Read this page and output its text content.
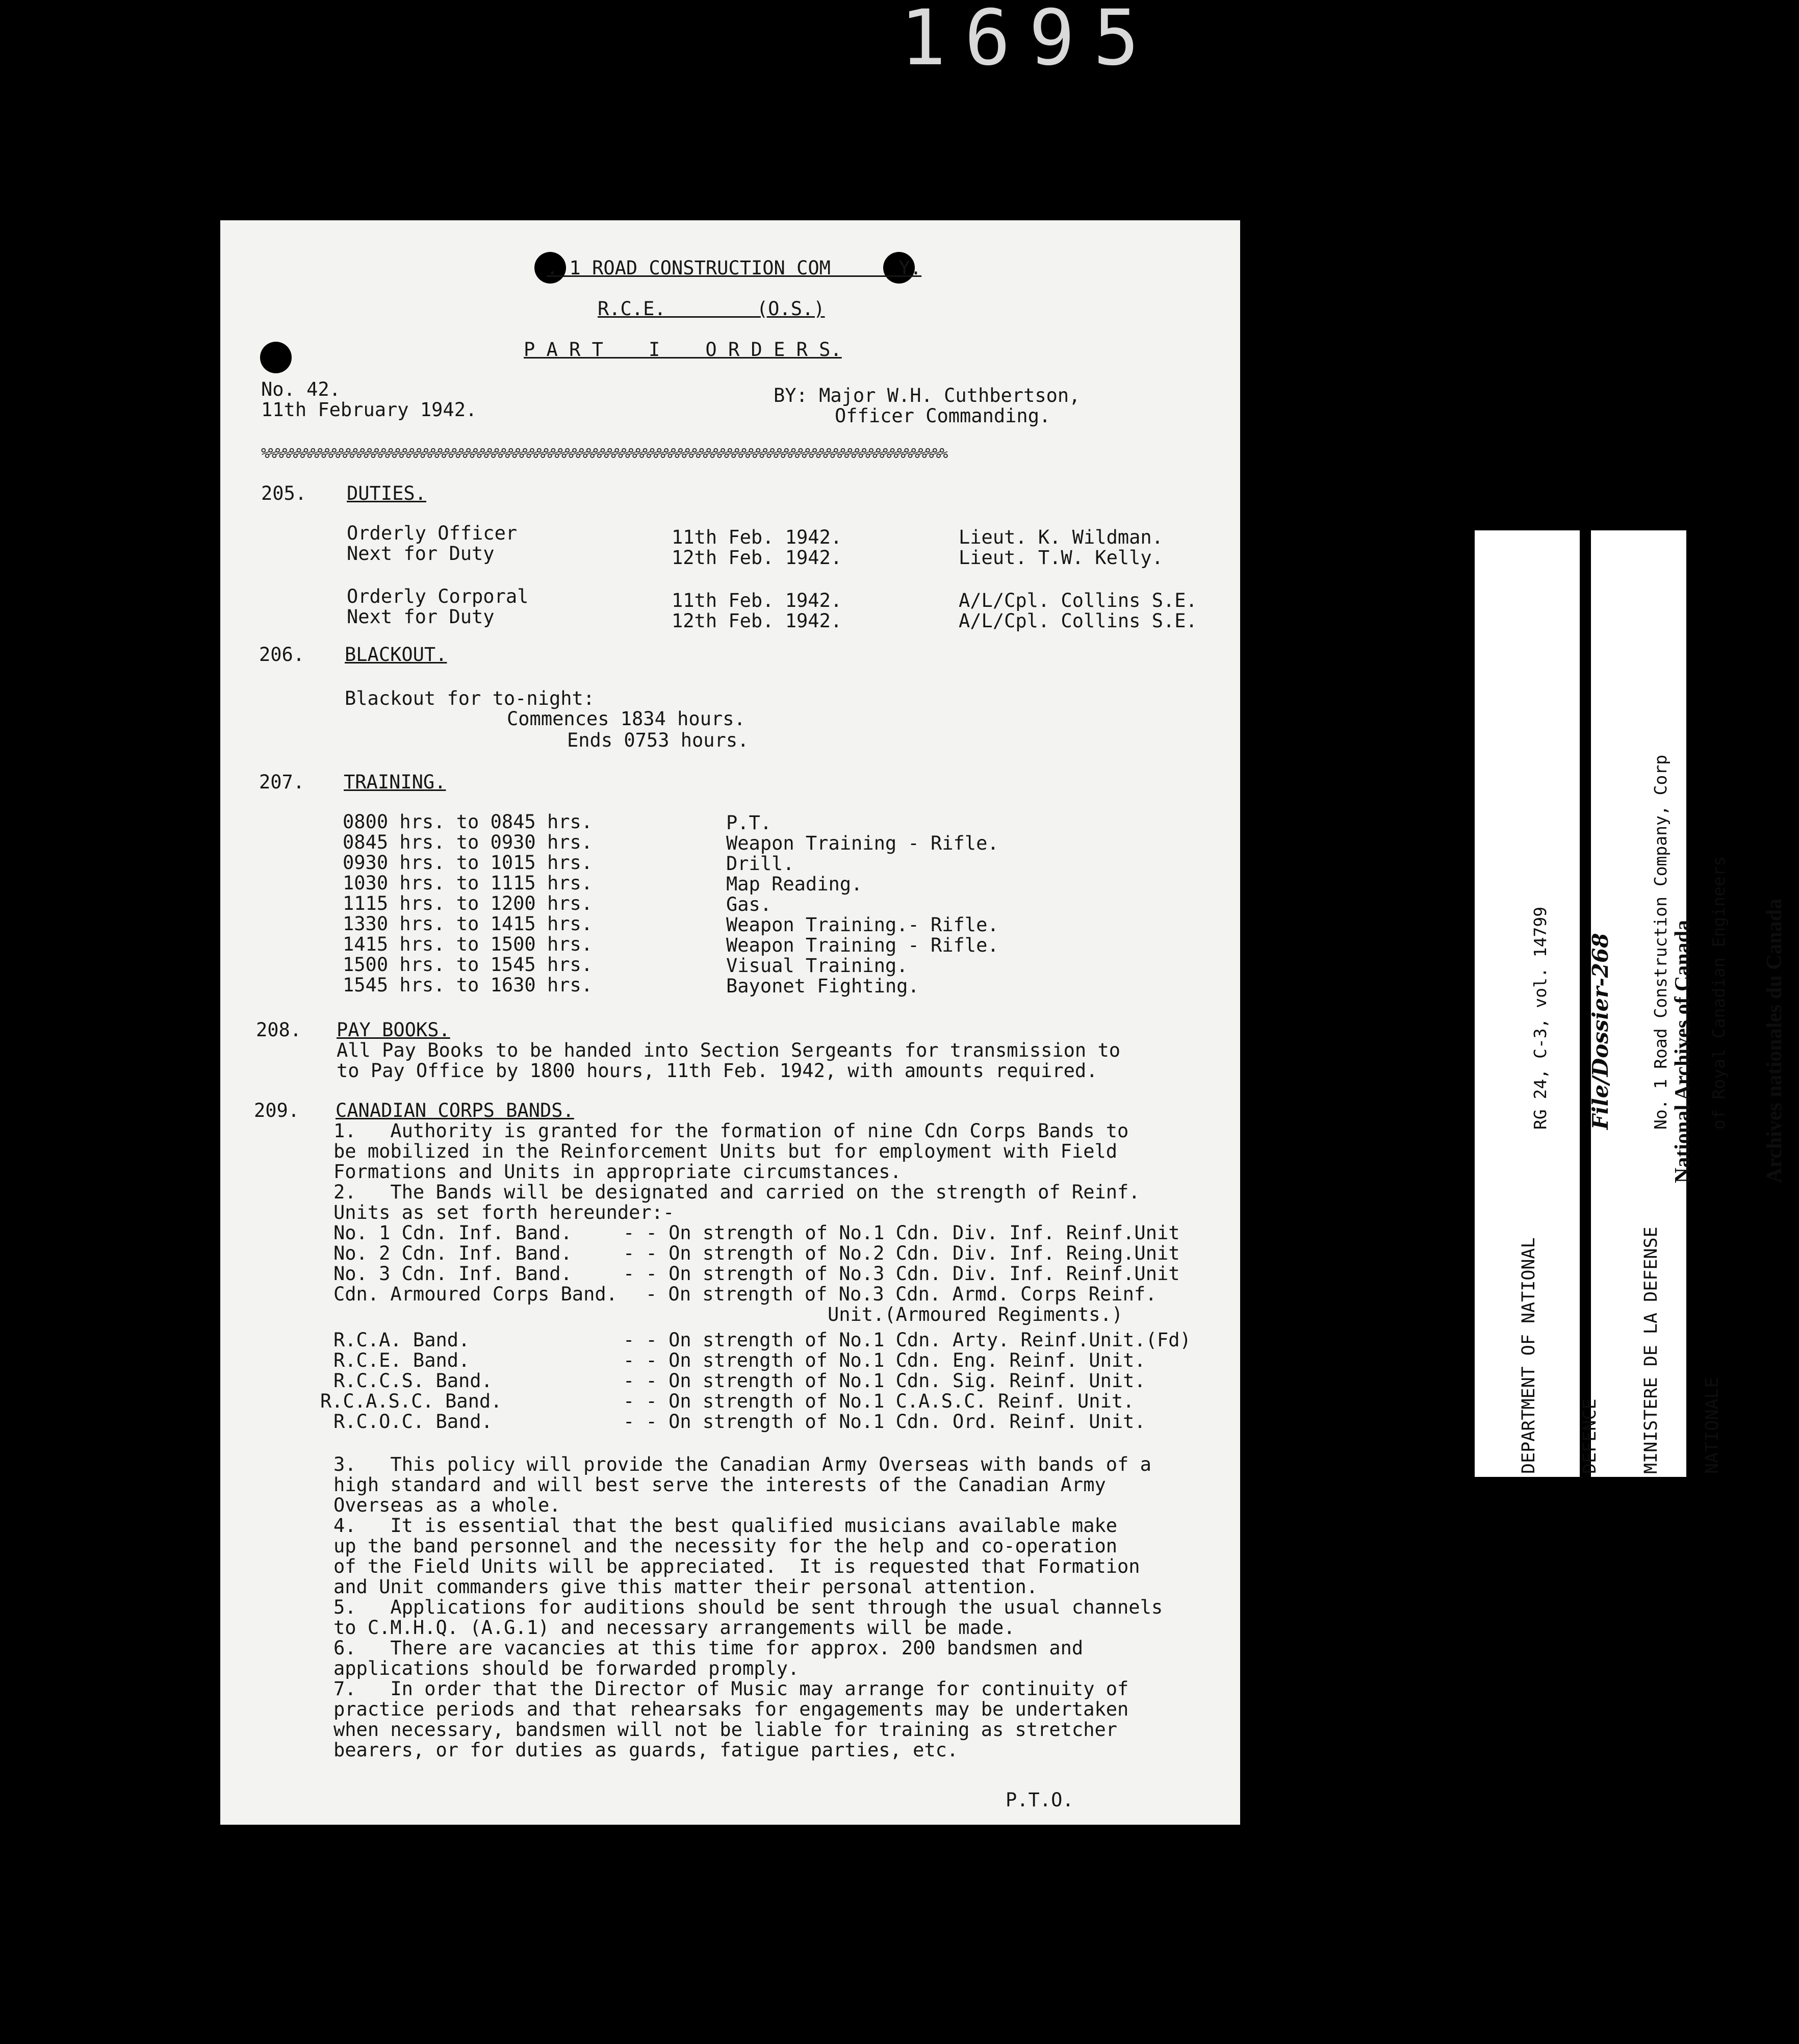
1695
. 1 ROAD CONSTRUCTION COM      Y.
R.C.E.        (O.S.)
P A R T    I    O R D E R S.
No. 42.
11th February 1942.
BY: Major W.H. Cuthbertson,
Officer Commanding.
%%%%%%%%%%%%%%%%%%%%%%%%%%%%%%%%%%%%%%%%%%%%%%%%%%%%%%%%%%%%%%%%%%%%%%%%%%%%%%%%%%%%%%%%%%%%%%%%%
205. DUTIES.
Orderly Officer	11th Feb. 1942.	Lieut. K. Wildman.
Next for Duty	12th Feb. 1942.	Lieut. T.W. Kelly.
Orderly Corporal	11th Feb. 1942.	A/L/Cpl. Collins S.E.
Next for Duty	12th Feb. 1942.	A/L/Cpl. Collins S.E.
206. BLACKOUT.
Blackout for to-night:
Commences 1834 hours.
Ends 0753 hours.
207. TRAINING.
0800 hrs. to 0845 hrs.	P.T.
0845 hrs. to 0930 hrs.	Weapon Training - Rifle.
0930 hrs. to 1015 hrs.	Drill.
1030 hrs. to 1115 hrs.	Map Reading.
1115 hrs. to 1200 hrs.	Gas.
1330 hrs. to 1415 hrs.	Weapon Training.- Rifle.
1415 hrs. to 1500 hrs.	Weapon Training - Rifle.
1500 hrs. to 1545 hrs.	Visual Training.
1545 hrs. to 1630 hrs.	Bayonet Fighting.
208. PAY BOOKS.
All Pay Books to be handed into Section Sergeants for transmission to
to Pay Office by 1800 hours, 11th Feb. 1942, with amounts required.
209. CANADIAN CORPS BANDS.
1.   Authority is granted for the formation of nine Cdn Corps Bands to
be mobilized in the Reinforcement Units but for employment with Field
Formations and Units in appropriate circumstances.
2.   The Bands will be designated and carried on the strength of Reinf.
Units as set forth hereunder:-
No. 1 Cdn. Inf. Band.	- - On strength of No.1 Cdn. Div. Inf. Reinf.Unit
No. 2 Cdn. Inf. Band.	- - On strength of No.2 Cdn. Div. Inf. Reing.Unit
No. 3 Cdn. Inf. Band.	- - On strength of No.3 Cdn. Div. Inf. Reinf.Unit
Cdn. Armoured Corps Band. - On strength of No.3 Cdn. Armd. Corps Reinf.
Unit.(Armoured Regiments.)
R.C.A. Band.	- - On strength of No.1 Cdn. Arty. Reinf.Unit.(Fd)
R.C.E. Band.	- - On strength of No.1 Cdn. Eng. Reinf. Unit.
R.C.C.S. Band.	- - On strength of No.1 Cdn. Sig. Reinf. Unit.
R.C.A.S.C. Band.	- - On strength of No.1 C.A.S.C. Reinf. Unit.
R.C.O.C. Band.	- - On strength of No.1 Cdn. Ord. Reinf. Unit.
3.   This policy will provide the Canadian Army Overseas with bands of a
high standard and will best serve the interests of the Canadian Army
Overseas as a whole.
4.   It is essential that the best qualified musicians available make
up the band personnel and the necessity for the help and co-operation
of the Field Units will be appreciated.  It is requested that Formation
and Unit commanders give this matter their personal attention.
5.   Applications for auditions should be sent through the usual channels
to C.M.H.Q. (A.G.1) and necessary arrangements will be made.
6.   There are vacancies at this time for approx. 200 bandsmen and
applications should be forwarded promply.
7.   In order that the Director of Music may arrange for continuity of
practice periods and that rehearsaks for engagements may be undertaken
when necessary, bandsmen will not be liable for training as stretcher
bearers, or for duties as guards, fatigue parties, etc.
P.T.O.

DEPARTMENT OF NATIONAL

DEFENCE

MINISTERE DE LA DEFENSE

NATIONALE

RG 24, C-3, vol. 14799

File/Dossier-268

No. 1 Road Construction Company, Corp

of Royal Canadian Engineers

National Archives of Canada

	Archives nationales du Canada
